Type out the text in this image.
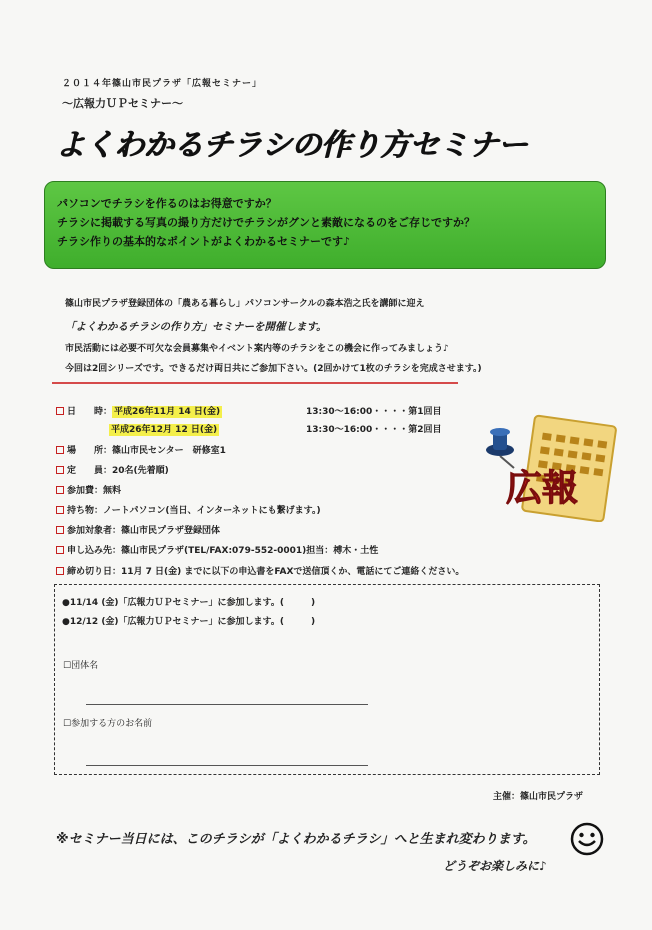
２０１４年篠山市民プラザ「広報セミナー」
〜広報力ＵＰセミナー〜
よくわかるチラシの作り方セミナー
パソコンでチラシを作るのはお得意ですか？
チラシに掲載する写真の撮り方だけでチラシがグンと素敵になるのをご存じですか？
チラシ作りの基本的なポイントがよくわかるセミナーです♪
篠山市民プラザ登録団体の「農ある暮らし」パソコンサークルの森本浩之氏を講師に迎え
「よくわかるチラシの作り方」セミナーを開催します。
市民活動には必要不可欠な会員募集やイベント案内等のチラシをこの機会に作ってみましょう♪
今回は2回シリーズです。できるだけ両日共にご参加下さい。(2回かけて1枚のチラシを完成させます。)
日　　時： 平成26年11月 14 日(金)	13:30〜16:00・・・・第1回目
平成26年12月 12 日(金)	13:30〜16:00・・・・第2回目
場　　所：篠山市民センター　研修室1
定　　員：20名(先着順)
参加費：無料
持ち物：ノートパソコン(当日、インターネットにも繋げます。)
参加対象者：篠山市民プラザ登録団体
申し込み先：篠山市民プラザ(TEL/FAX:079-552-0001)担当：榑木・土性
締め切り日：11月 7 日(金) までに以下の申込書をFAXで送信頂くか、電話にてご連絡ください。
広報
●11/14 (金)「広報力ＵＰセミナー」に参加します。(　　　)
●12/12 (金)「広報力ＵＰセミナー」に参加します。(　　　)
☐団体名
☐参加する方のお名前
主催：篠山市民プラザ
※セミナー当日には、このチラシが「よくわかるチラシ」へと生まれ変わります。
どうぞお楽しみに♪
